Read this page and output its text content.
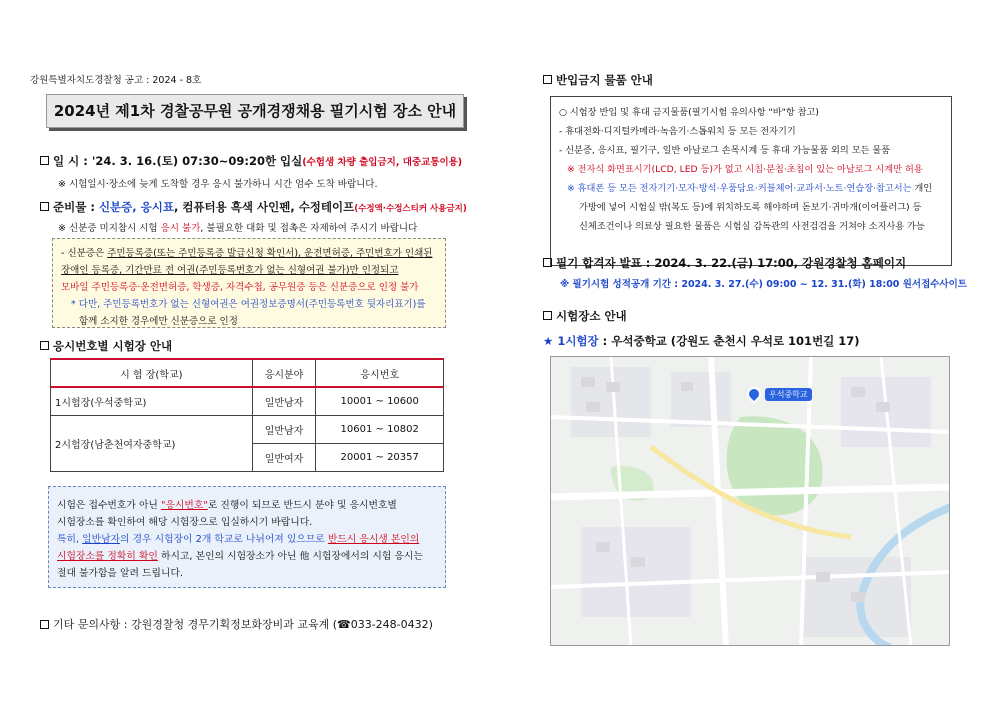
강원특별자치도경찰청 공고 : 2024 - 8호
2024년 제1차 경찰공무원 공개경쟁채용 필기시험 장소 안내
일 시 : '24. 3. 16.(토) 07:30~09:20한 입실(수험생 차량 출입금지, 대중교통이용)
※ 시험일시·장소에 늦게 도착할 경우 응시 불가하니 시간 엄수 도착 바랍니다.
준비물 : 신분증, 응시표, 컴퓨터용 흑색 사인펜, 수정테이프(수정액·수정스티커 사용금지)
※ 신분증 미지참시 시험 응시 불가, 불필요한 대화 및 접촉은 자제하여 주시기 바랍니다
- 신분증은 주민등록증(또는 주민등록증 발급신청 확인서), 운전면허증, 주민번호가 인쇄된
장애인 등록증, 기간만료 전 여권(주민등록번호가 없는 신형여권 불가)만 인정되고
모바일 주민등록증·운전면허증, 학생증, 자격수첩, 공무원증 등은 신분증으로 인정 불가
* 다만, 주민등록번호가 없는 신형여권은 여권정보증명서(주민등록번호 뒷자리표기)를
함께 소지한 경우에만 신분증으로 인정
응시번호별 시험장 안내
시 험 장(학교)	응시분야	응시번호
1시험장(우석중학교)	일반남자	10001 ~ 10600
2시험장(남춘천여자중학교)	일반남자	10601 ~ 10802
	일반여자	20001 ~ 20357
시험은 접수번호가 아닌 "응시번호"로 진행이 되므로 반드시 분야 및 응시번호별
시험장소를 확인하여 해당 시험장으로 입실하시기 바랍니다.
특히, 일반남자의 경우 시험장이 2개 학교로 나뉘어져 있으므로 반드시 응시생 본인의
시험장소를 정확히 확인 하시고, 본인의 시험장소가 아닌 他 시험장에서의 시험 응시는
절대 불가함을 알려 드립니다.
기타 문의사항 : 강원경찰청 경무기획정보화장비과 교육계 (☎033-248-0432)
반입금지 물품 안내
○ 시험장 반입 및 휴대 금지물품(필기시험 유의사항 "바"항 참고)
- 휴대전화·디지털카메라·녹음기·스톱워치 등 모든 전자기기
- 신분증, 응시표, 필기구, 일반 아날로그 손목시계 등 휴대 가능물품 외의 모든 물품
※ 전자식 화면표시기(LCD, LED 등)가 없고 시침·분침·초침이 있는 아날로그 시계만 허용
※ 휴대폰 등 모든 전자기기·모자·방석·우품담요·커블체어·교과서·노트·연습장·참고서는 개인
가방에 넣어 시험실 밖(복도 등)에 위치하도록 해야하며 돋보기·귀마개(이어플러그) 등
신체조건이나 의료상 필요한 물품은 시험실 감독관의 사전검검을 거쳐야 소지사용 가능
필기 합격자 발표 : 2024. 3. 22.(금) 17:00, 강원경찰청 홈페이지
※ 필기시험 성적공개 기간 : 2024. 3. 27.(수) 09:00 ~ 12. 31.(화) 18:00 원서접수사이트
시험장소 안내
★ 1시험장 : 우석중학교 (강원도 춘천시 우석로 101번길 17)
우석중학교
